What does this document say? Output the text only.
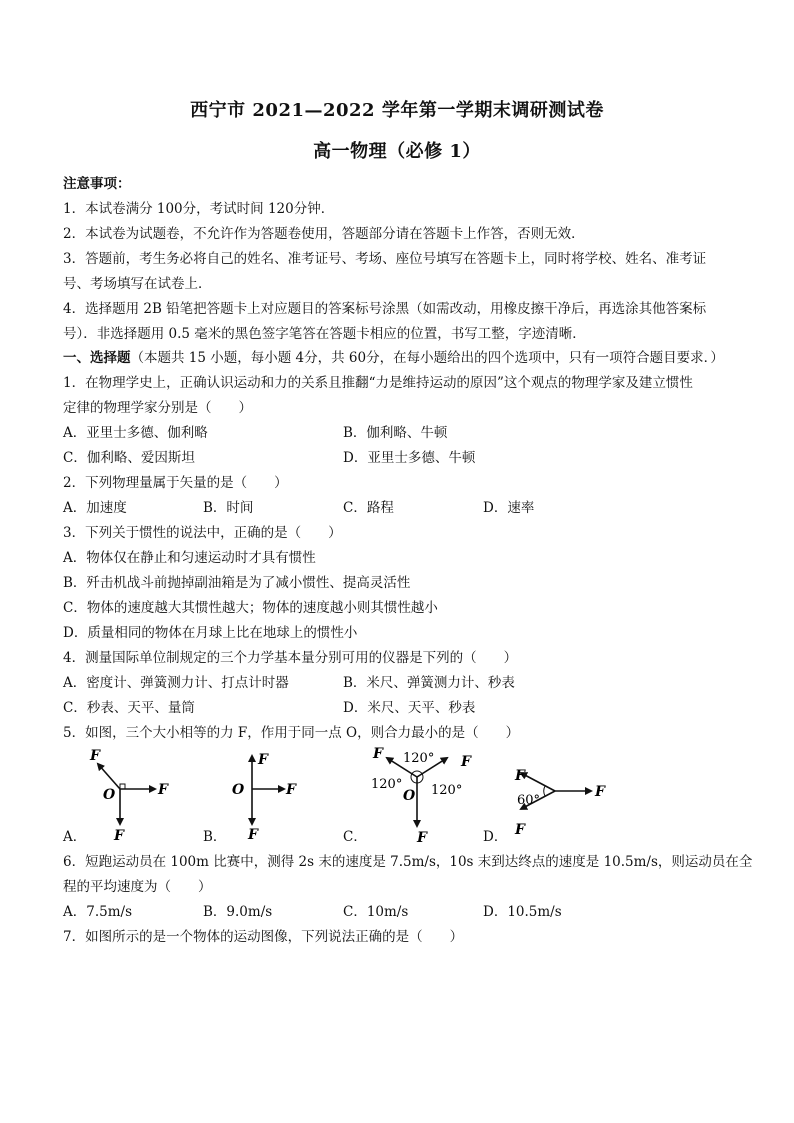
西宁市 2021—2022 学年第一学期末调研测试卷
高一物理（必修 1）
注意事项：
1．本试卷满分 100分，考试时间 120分钟．
2．本试卷为试题卷，不允许作为答题卷使用，答题部分请在答题卡上作答，否则无效．
3．答题前，考生务必将自己的姓名、准考证号、考场、座位号填写在答题卡上，同时将学校、姓名、准考证
号、考场填写在试卷上．
4．选择题用 2B 铅笔把答题卡上对应题目的答案标号涂黑（如需改动，用橡皮擦干净后，再选涂其他答案标
号）．非选择题用 0.5 毫米的黑色签字笔答在答题卡相应的位置，书写工整，字迹清晰．
一、选择题（本题共 15 小题，每小题 4分，共 60分，在每小题给出的四个选项中，只有一项符合题目要求．）
1．在物理学史上，正确认识运动和力的关系且推翻“力是维持运动的原因”这个观点的物理学家及建立惯性
定律的物理学家分别是（　　）
A．亚里士多德、伽利略	B．伽利略、牛顿
C．伽利略、爱因斯坦	D．亚里士多德、牛顿
2．下列物理量属于矢量的是（　　）
A．加速度	B．时间	C．路程	D．速率
3．下列关于惯性的说法中，正确的是（　　）
A．物体仅在静止和匀速运动时才具有惯性
B．歼击机战斗前抛掉副油箱是为了减小惯性、提高灵活性
C．物体的速度越大其惯性越大；物体的速度越小则其惯性越小
D．质量相同的物体在月球上比在地球上的惯性小
4．测量国际单位制规定的三个力学基本量分别可用的仪器是下列的（　　）
A．密度计、弹簧测力计、打点计时器	B．米尺、弹簧测力计、秒表
C．秒表、天平、量筒	D．米尺、天平、秒表
5．如图，三个大小相等的力 F，作用于同一点 O，则合力最小的是（　　）
F
F
F
O
F
F
F
O
F	F
F
120°
120° 120°
O
F
F
F
60°
A．	B．	C．	D．
6．短跑运动员在 100m 比赛中，测得 2s 末的速度是 7.5m/s，10s 末到达终点的速度是 10.5m/s，则运动员在全
程的平均速度为（　　）
A．7.5m/s	B．9.0m/s	C．10m/s	D．10.5m/s
7．如图所示的是一个物体的运动图像，下列说法正确的是（　　）
